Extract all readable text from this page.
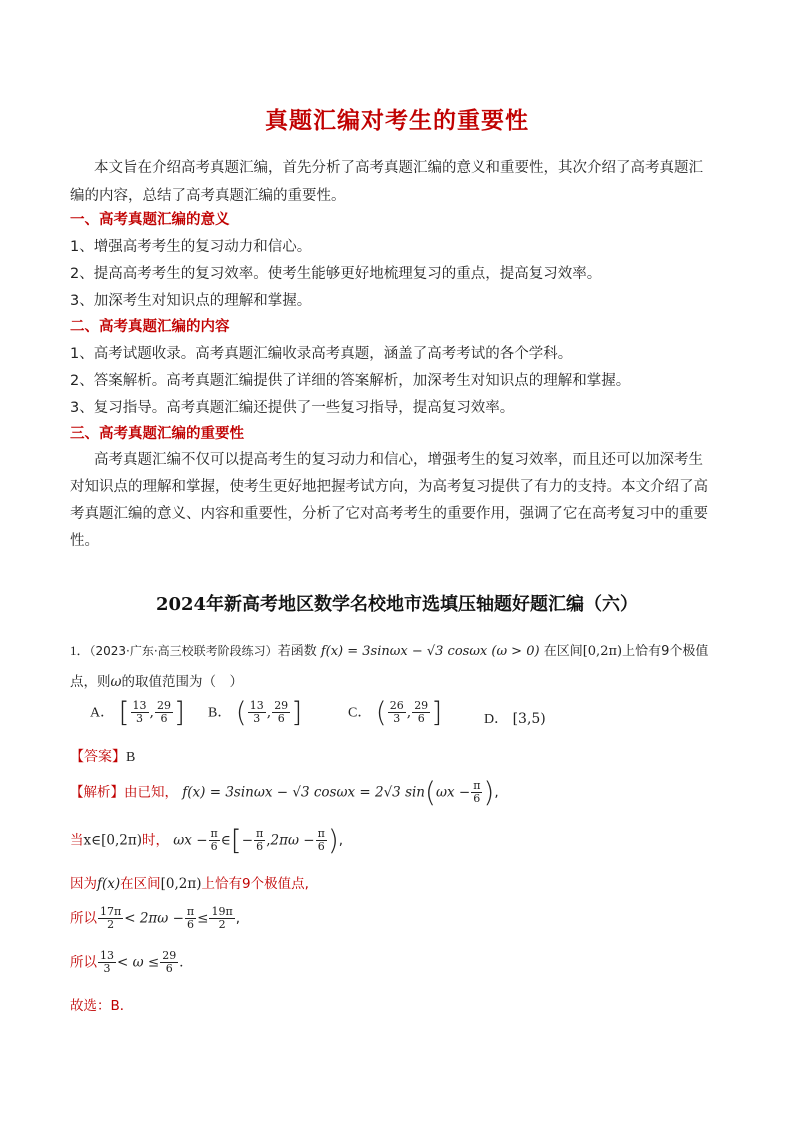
真题汇编对考生的重要性
本文旨在介绍高考真题汇编，首先分析了高考真题汇编的意义和重要性，其次介绍了高考真题汇
编的内容，总结了高考真题汇编的重要性。
一、高考真题汇编的意义
1、增强高考考生的复习动力和信心。
2、提高高考考生的复习效率。使考生能够更好地梳理复习的重点，提高复习效率。
3、加深考生对知识点的理解和掌握。
二、高考真题汇编的内容
1、高考试题收录。高考真题汇编收录高考真题，涵盖了高考考试的各个学科。
2、答案解析。高考真题汇编提供了详细的答案解析，加深考生对知识点的理解和掌握。
3、复习指导。高考真题汇编还提供了一些复习指导，提高复习效率。
三、高考真题汇编的重要性
高考真题汇编不仅可以提高考生的复习动力和信心，增强考生的复习效率，而且还可以加深考生
对知识点的理解和掌握，使考生更好地把握考试方向，为高考复习提供了有力的支持。本文介绍了高
考真题汇编的意义、内容和重要性，分析了它对高考考生的重要作用，强调了它在高考复习中的重要
性。
2024年新高考地区数学名校地市选填压轴题好题汇编（六）
1．（2023·广东·高三校联考阶段练习）若函数 f(x) = 3sinωx − √3 cosωx (ω > 0) 在区间[0,2π)上恰有9个极值
点，则ω的取值范围为（　）
A． [ $\frac{13}{3}$ , $\frac{29}{6}$ ] B． ( $\frac{13}{3}$ , $\frac{29}{6}$ ]	C． ( $\frac{26}{3}$ , $\frac{29}{6}$ ]	D． [3,5)
【答案】B
【解析】由已知， f(x) = 3sinωx − √3 cosωx = 2√3 $\sin(\omega x - \frac{\pi}{6}$ ),
当x∈[0,2π)时， $\omega x - \frac{\pi}{6}$ ∈[− $\frac{\pi}{6} ,2\pi\omega - \frac{\pi}{6}$ ),
因为f(x)在区间[0,2π)上恰有9个极值点,
所以 $\frac{17\pi}{2} < 2\pi\omega - \frac{\pi}{6} \le \frac{19\pi}{2}$ ,
所以 $\frac{13}{3} < \omega \le \frac{29}{6}$ ．
故选：B．
